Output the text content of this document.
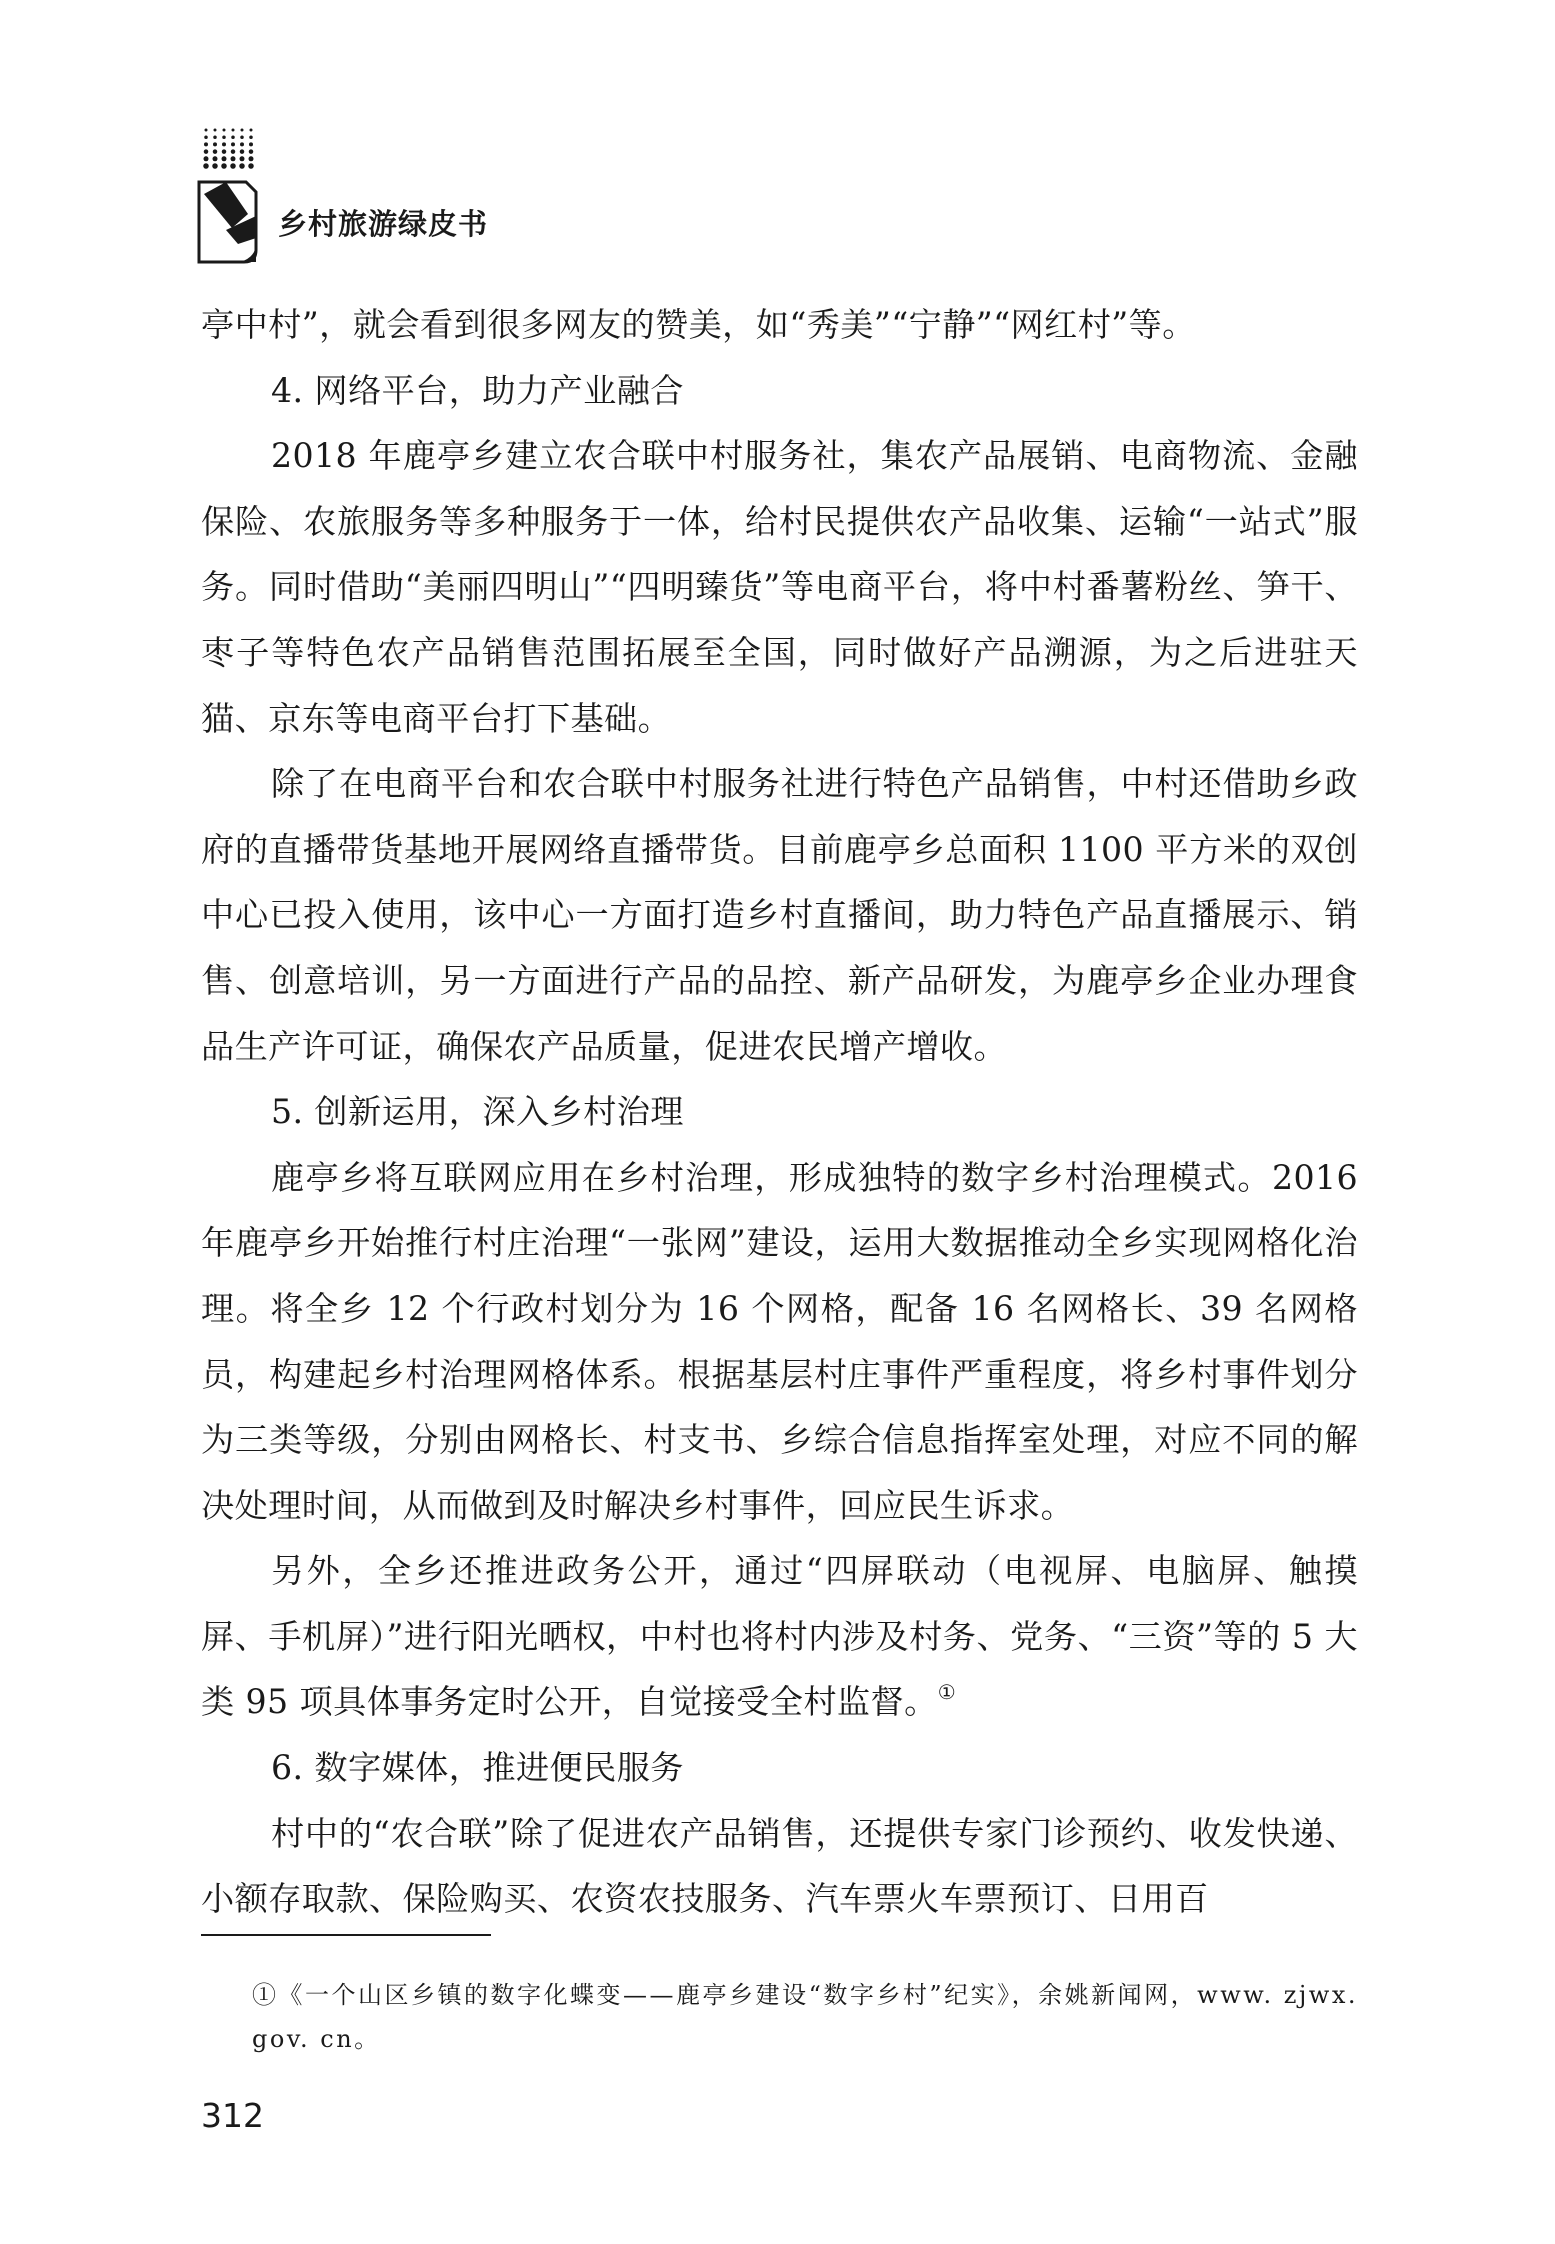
乡村旅游绿皮书

亭中村”，就会看到很多网友的赞美，如“秀美”“宁静”“网红村”等。

4. 网络平台，助力产业融合

2018 年鹿亭乡建立农合联中村服务社，集农产品展销、电商物流、金融保险、农旅服务等多种服务于一体，给村民提供农产品收集、运输“一站式”服务。同时借助“美丽四明山”“四明臻货”等电商平台，将中村番薯粉丝、笋干、枣子等特色农产品销售范围拓展至全国，同时做好产品溯源，为之后进驻天猫、京东等电商平台打下基础。

除了在电商平台和农合联中村服务社进行特色产品销售，中村还借助乡政府的直播带货基地开展网络直播带货。目前鹿亭乡总面积 1100 平方米的双创中心已投入使用，该中心一方面打造乡村直播间，助力特色产品直播展示、销售、创意培训，另一方面进行产品的品控、新产品研发，为鹿亭乡企业办理食品生产许可证，确保农产品质量，促进农民增产增收。

5. 创新运用，深入乡村治理

鹿亭乡将互联网应用在乡村治理，形成独特的数字乡村治理模式。2016 年鹿亭乡开始推行村庄治理“一张网”建设，运用大数据推动全乡实现网格化治理。将全乡 12 个行政村划分为 16 个网格，配备 16 名网格长、39 名网格员，构建起乡村治理网格体系。根据基层村庄事件严重程度，将乡村事件划分为三类等级，分别由网格长、村支书、乡综合信息指挥室处理，对应不同的解决处理时间，从而做到及时解决乡村事件，回应民生诉求。

另外，全乡还推进政务公开，通过“四屏联动（电视屏、电脑屏、触摸屏、手机屏）”进行阳光晒权，中村也将村内涉及村务、党务、“三资”等的 5 大类 95 项具体事务定时公开，自觉接受全村监督。①

6. 数字媒体，推进便民服务

村中的“农合联”除了促进农产品销售，还提供专家门诊预约、收发快递、小额存取款、保险购买、农资农技服务、汽车票火车票预订、日用百

①《一个山区乡镇的数字化蝶变——鹿亭乡建设“数字乡村”纪实》，余姚新闻网，www. zjwx. gov. cn。
312
